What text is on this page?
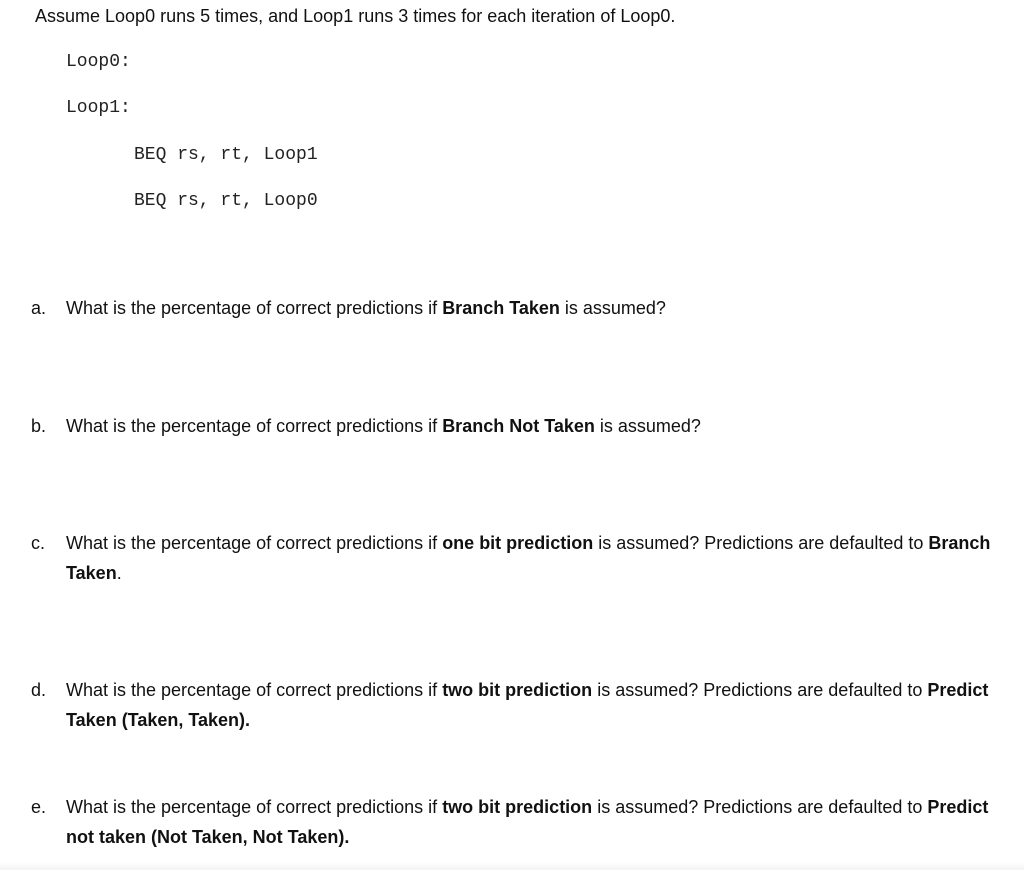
Assume Loop0 runs 5 times, and Loop1 runs 3 times for each iteration of Loop0.
Loop0:
Loop1:
BEQ rs, rt, Loop1
BEQ rs, rt, Loop0
a.	What is the percentage of correct predictions if Branch Taken is assumed?
b.	What is the percentage of correct predictions if Branch Not Taken is assumed?
c.	What is the percentage of correct predictions if one bit prediction is assumed? Predictions are defaulted to Branch Taken.
d.	What is the percentage of correct predictions if two bit prediction is assumed? Predictions are defaulted to Predict Taken (Taken, Taken).
e.	What is the percentage of correct predictions if two bit prediction is assumed? Predictions are defaulted to Predict not taken (Not Taken, Not Taken).
